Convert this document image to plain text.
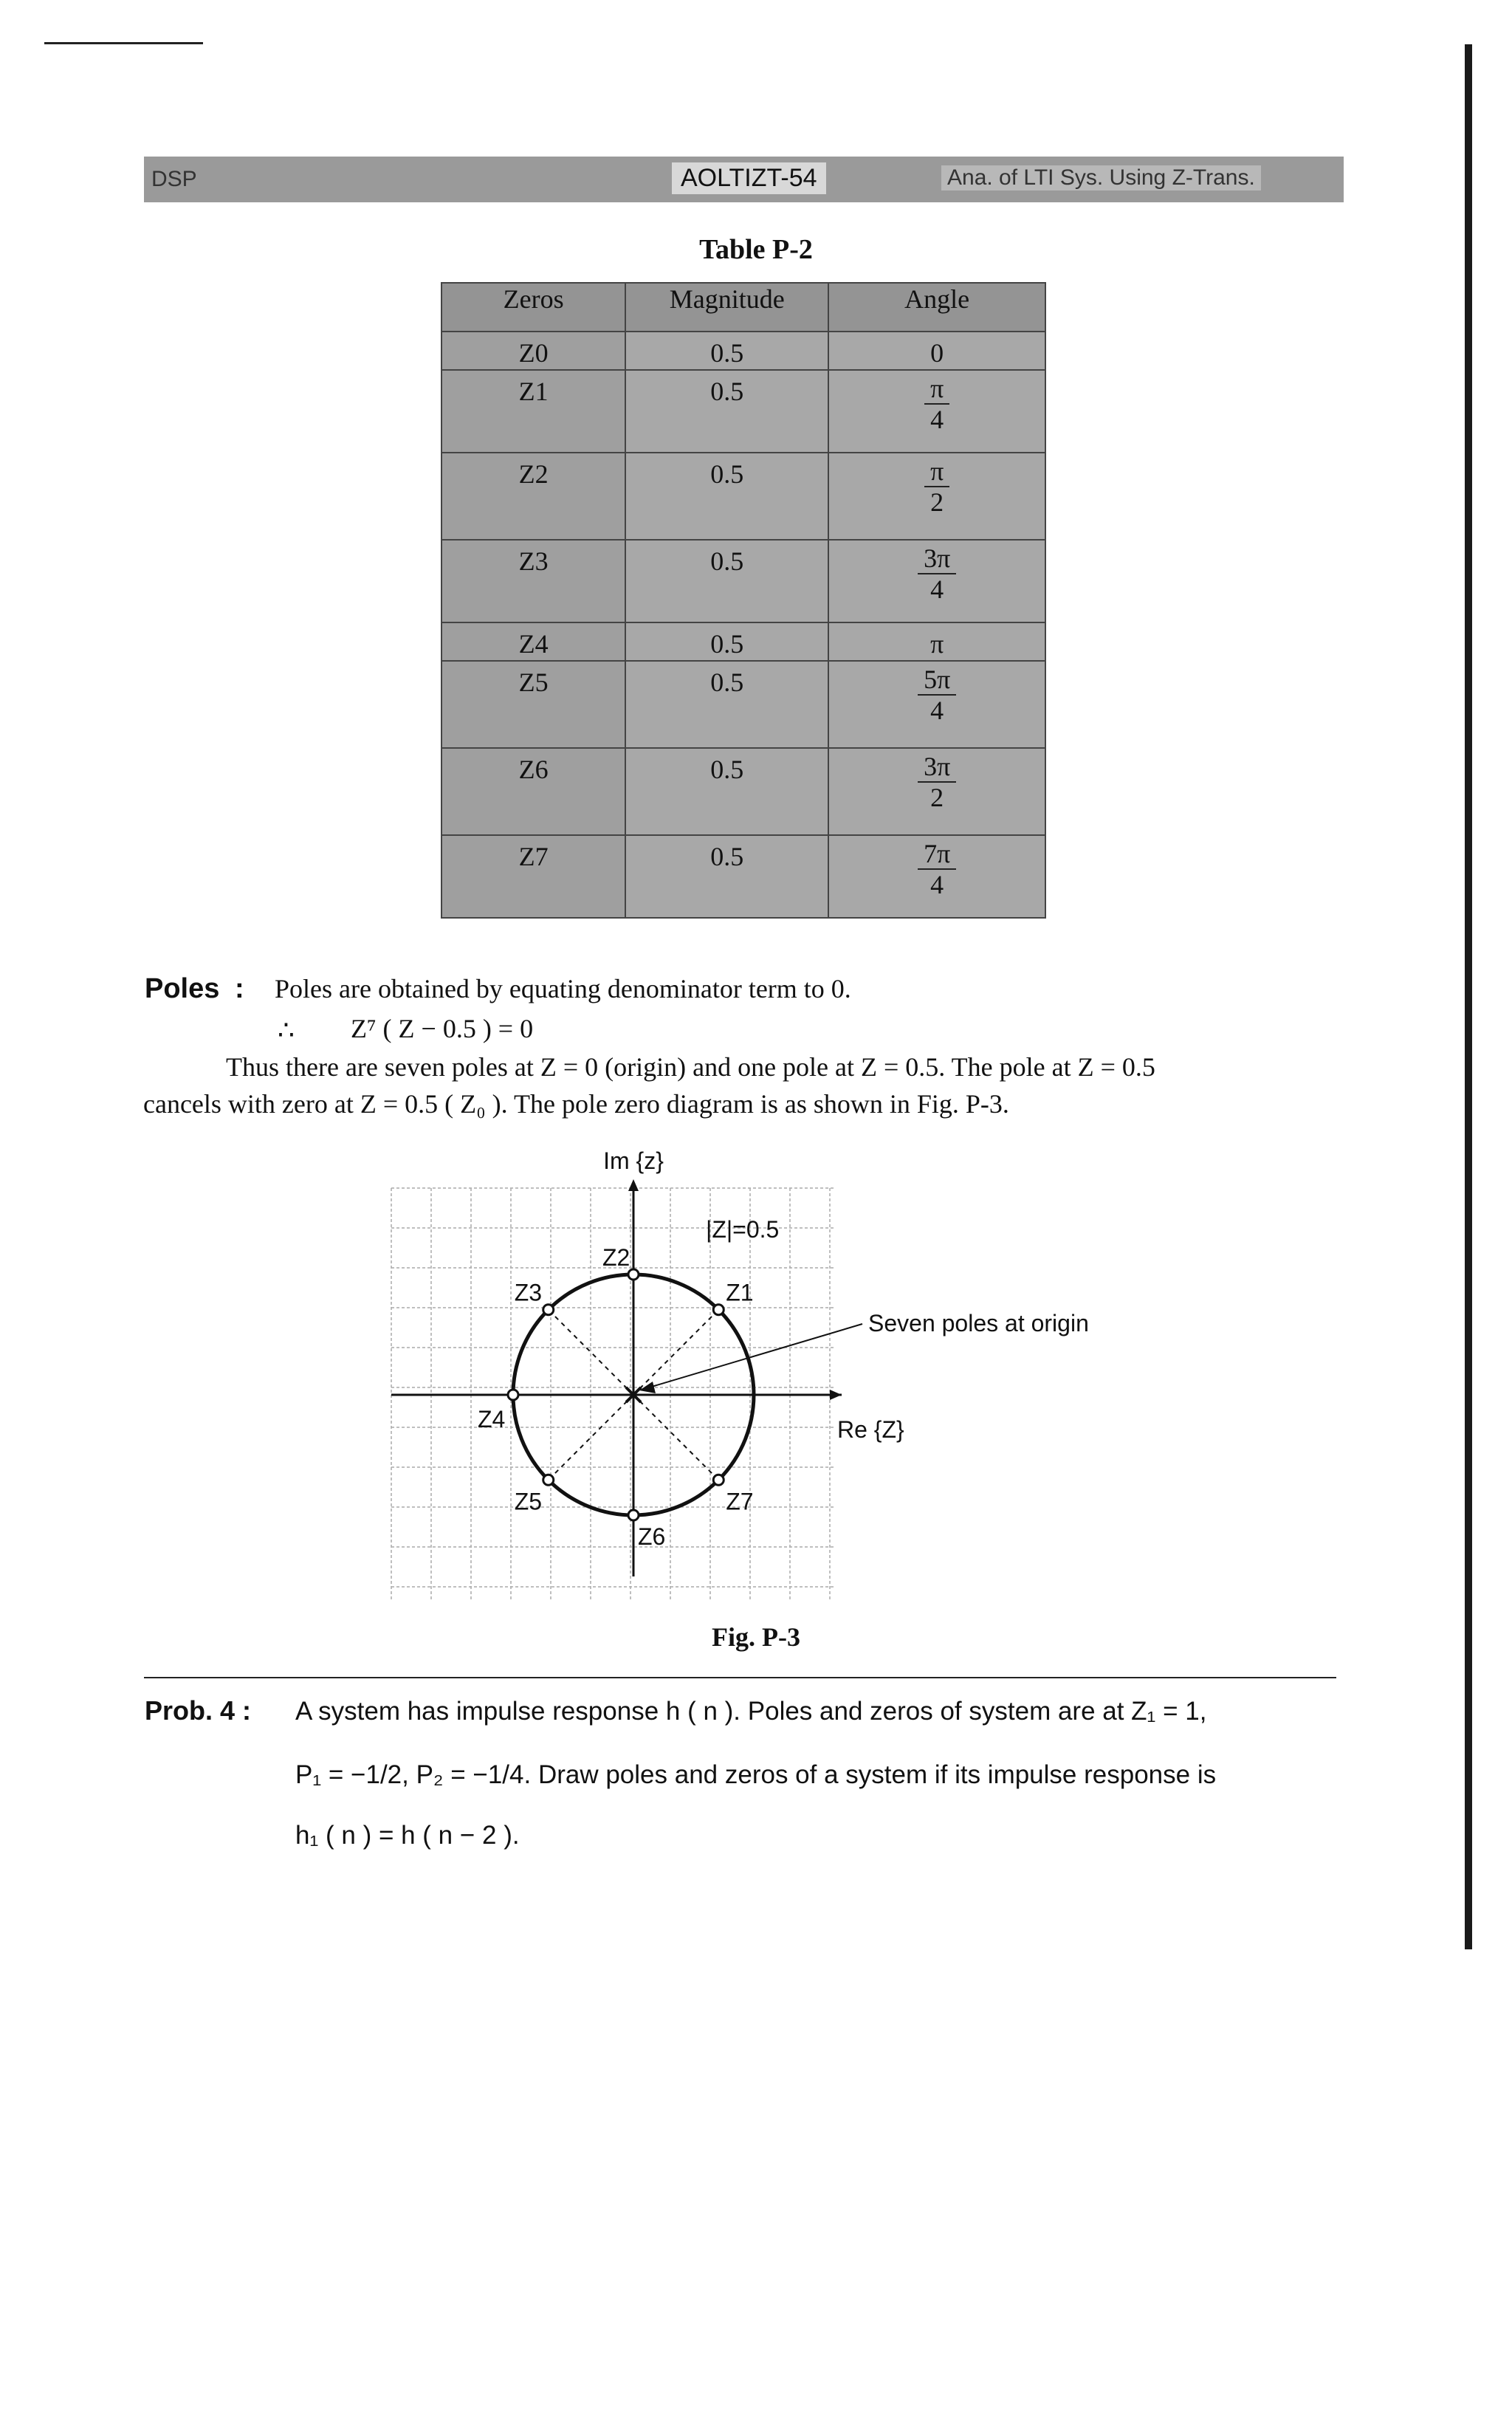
DSP	AOLTIZT-54	Ana. of LTI Sys. Using Z-Trans.
Table P-2
Zeros	Magnitude	Angle

Z0	0.5	0

Z1	0.5	$\frac{\pi}{4}$

Z2	0.5	$\frac{\pi}{2}$

Z3	0.5	$\frac{3\pi}{4}$

Z4	0.5	π

Z5	0.5	$\frac{5\pi}{4}$

Z6	0.5	$\frac{3\pi}{2}$

Z7	0.5	$\frac{7\pi}{4}$
Poles : Poles are obtained by equating denominator term to 0.
∴ Z⁷ ( Z − 0.5 ) = 0
Thus there are seven poles at Z = 0 (origin) and one pole at Z = 0.5. The pole at Z = 0.5
cancels with zero at Z = 0.5 ( Z₀ ). The pole zero diagram is as shown in Fig. P-3.
Seven poles at origin
Im {z}
Re {Z}
|Z|=0.5
Z1
Z2
Z3
Z4
Z5
Z6
Z7
Fig. P-3
Prob. 4 : A system has impulse response h ( n ). Poles and zeros of system are at Z₁ = 1,
P₁ = −1/2, P₂ = −1/4. Draw poles and zeros of a system if its impulse response is
h₁ ( n ) = h ( n − 2 ).
